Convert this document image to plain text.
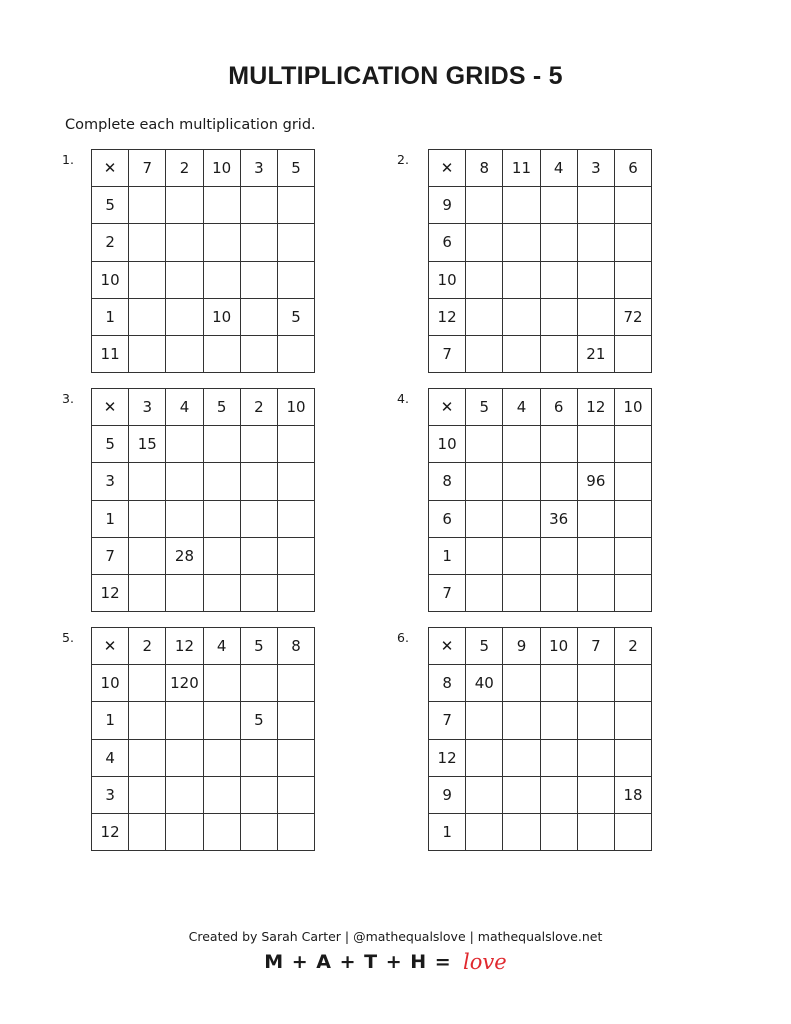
MULTIPLICATION GRIDS - 5
Complete each multiplication grid.
1. ✕	7	2	10	3	5
5					
2					
10					
1			10		5
11					
2. ✕	8	11	4	3	6
9					
6					
10					
12					72
7				21	
3. ✕	3	4	5	2	10
5	15				
3					
1					
7		28			
12					
4. ✕	5	4	6	12	10
10					
8				96	
6			36		
1					
7					
5. ✕	2	12	4	5	8
10		120			
1				5	
4					
3					
12					
6. ✕	5	9	10	7	2
8	40				
7					
12					
9					18
1					
Created by Sarah Carter | @mathequalslove | mathequalslove.net
M + A + T + H = love
